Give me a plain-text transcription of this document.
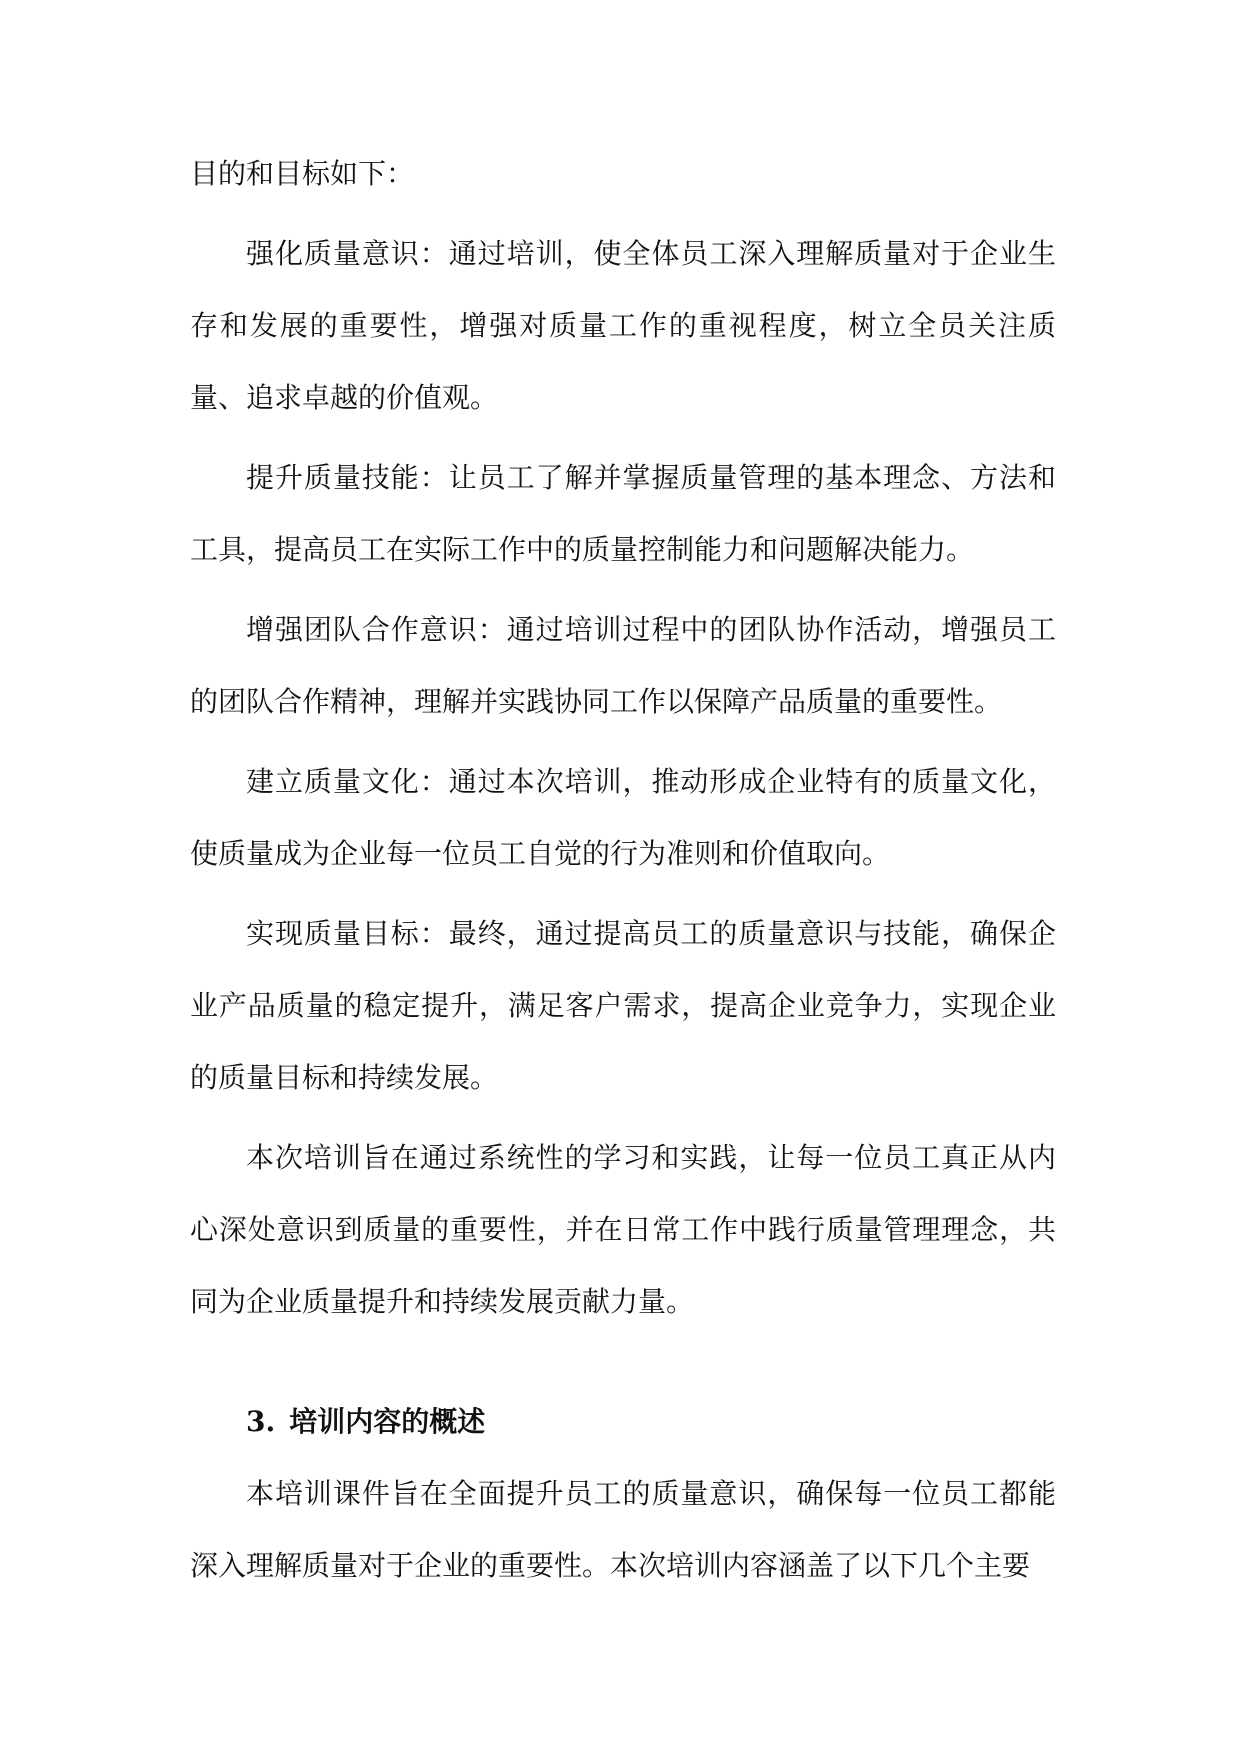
目的和目标如下：

强化质量意识：通过培训，使全体员工深入理解质量对于企业生存和发展的重要性，增强对质量工作的重视程度，树立全员关注质量、追求卓越的价值观。

提升质量技能：让员工了解并掌握质量管理的基本理念、方法和工具，提高员工在实际工作中的质量控制能力和问题解决能力。

增强团队合作意识：通过培训过程中的团队协作活动，增强员工的团队合作精神，理解并实践协同工作以保障产品质量的重要性。

建立质量文化：通过本次培训，推动形成企业特有的质量文化，使质量成为企业每一位员工自觉的行为准则和价值取向。

实现质量目标：最终，通过提高员工的质量意识与技能，确保企业产品质量的稳定提升，满足客户需求，提高企业竞争力，实现企业的质量目标和持续发展。

本次培训旨在通过系统性的学习和实践，让每一位员工真正从内心深处意识到质量的重要性，并在日常工作中践行质量管理理念，共同为企业质量提升和持续发展贡献力量。

3. 培训内容的概述

本培训课件旨在全面提升员工的质量意识，确保每一位员工都能深入理解质量对于企业的重要性。本次培训内容涵盖了以下几个主要
